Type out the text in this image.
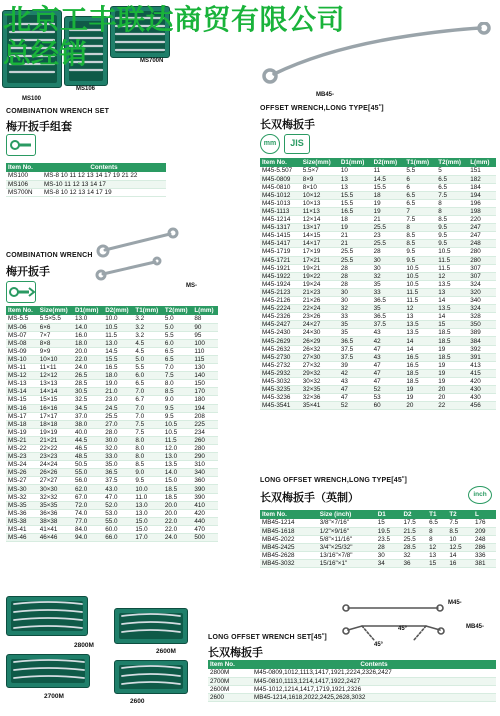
北京工丰联达商贸有限公司
总经销	MS700N
MS106
MS100
COMBINATION WRENCH SET
梅开扳手组套
Item No.	Contents
MS100	MS-8 10 11 12 13 14 17 19 21 22
MS106	MS-10 11 12 13 14 17
MS700N	MS-8 10 12 13 14 17 19
MS-
COMBINATION WRENCH
梅开扳手
Item No.	Size(mm)	D1(mm)	D2(mm)	T1(mm)	T2(mm)	L(mm)
MS-5.5	5.5×5.5	13.0	10.0	3.2	5.0	88
MS-06	6×6	14.0	10.5	3.2	5.0	90
MS-07	7×7	16.0	11.5	3.2	5.5	95
MS-08	8×8	18.0	13.0	4.5	6.0	100
MS-09	9×9	20.0	14.5	4.5	6.5	110
MS-10	10×10	22.0	15.5	5.0	6.5	115
MS-11	11×11	24.0	16.5	5.5	7.0	130
MS-12	12×12	26.5	18.0	6.0	7.5	140
MS-13	13×13	28.5	19.0	6.5	8.0	150
MS-14	14×14	30.5	21.0	7.0	8.5	170
MS-15	15×15	32.5	23.0	6.7	9.0	180
MS-16	16×16	34.5	24.5	7.0	9.5	194
MS-17	17×17	37.0	25.5	7.0	9.5	208
MS-18	18×18	38.0	27.0	7.5	10.5	225
MS-19	19×19	40.0	28.0	7.5	10.5	234
MS-21	21×21	44.5	30.0	8.0	11.5	260
MS-22	22×22	46.5	32.0	8.0	12.0	280
MS-23	23×23	48.5	33.0	8.0	13.0	290
MS-24	24×24	50.5	35.0	8.5	13.5	310
MS-26	26×26	55.0	36.5	9.0	14.0	340
MS-27	27×27	56.0	37.5	9.5	15.0	360
MS-30	30×30	62.0	43.0	10.0	18.5	390
MS-32	32×32	67.0	47.0	11.0	18.5	390
MS-35	35×35	72.0	52.0	13.0	20.0	410
MS-36	36×36	74.0	53.0	13.0	20.0	420
MS-38	38×38	77.0	55.0	15.0	22.0	440
MS-41	41×41	84.0	60.0	15.0	22.0	470
MS-46	46×46	94.0	66.0	17.0	24.0	500
2800M
2600M
2700M
2600
MB45-
OFFSET WRENCH,LONG TYPE[45˚]
长双梅扳手
mm	JIS
Item No.	Size(mm)	D1(mm)	D2(mm)	T1(mm)	T2(mm)	L(mm)
M45-5.507	5.5×7	10	11	5.5	5	151
M45-0809	8×9	13	14.5	6	6.5	182
M45-0810	8×10	13	15.5	6	6.5	184
M45-1012	10×12	15.5	18	6.5	7.5	194
M45-1013	10×13	15.5	19	6.5	8	196
M45-1113	11×13	16.5	19	7	8	198
M45-1214	12×14	18	21	7.5	8.5	220
M45-1317	13×17	19	25.5	8	9.5	247
M45-1415	14×15	21	23	8.5	9.5	247
M45-1417	14×17	21	25.5	8.5	9.5	248
M45-1719	17×19	25.5	28	9.5	10.5	280
M45-1721	17×21	25.5	30	9.5	11.5	280
M45-1921	19×21	28	30	10.5	11.5	307
M45-1922	19×22	28	32	10.5	12	307
M45-1924	19×24	28	35	10.5	13.5	324
M45-2123	21×23	30	33	11.5	13	320
M45-2126	21×26	30	36.5	11.5	14	340
M45-2224	22×24	32	35	12	13.5	324
M45-2326	23×26	33	36.5	13	14	328
M45-2427	24×27	35	37.5	13.5	15	350
M45-2430	24×30	35	43	13.5	18.5	389
M45-2629	26×29	36.5	42	14	18.5	384
M45-2632	26×32	37.5	47	14	19	392
M45-2730	27×30	37.5	43	16.5	18.5	391
M45-2732	27×32	39	47	16.5	19	413
M45-2932	29×32	42	47	18.5	19	415
M45-3032	30×32	43	47	18.5	19	420
M45-3235	32×35	47	52	19	20	430
M45-3236	32×36	47	53	19	20	430
M45-3541	35×41	52	60	20	22	456
LONG OFFSET WRENCH,LONG TYPE[45˚]
长双梅扳手（英制）	inch
Item No.	Size (inch)	D1	D2	T1	T2	L
MB45-1214	3/8"×7/16"	15	17.5	6.5	7.5	176
MB45-1618	1/2"×9/16"	19.5	21.5	8	8.5	209
MB45-2022	5/8"×11/16"	23.5	25.5	8	10	248
MB45-2425	3/4"×25/32"	28	28.5	12	12.5	286
MB45-2628	13/16"×7/8"	30	32	13	14	336
MB45-3032	15/16"×1"	34	36	15	16	381
M45-
MB45-
45°
45°
LONG OFFSET WRENCH SET[45˚]
长双梅扳手
Item No.	Contents
2800M	M45-0809,1012,1113,1417,1921,2224,2326,2427
2700M	M45-0810,1113,1214,1417,1922,2427
2600M	M45-1012,1214,1417,1719,1921,2326
2600	MB45-1214,1618,2022,2425,2628,3032
